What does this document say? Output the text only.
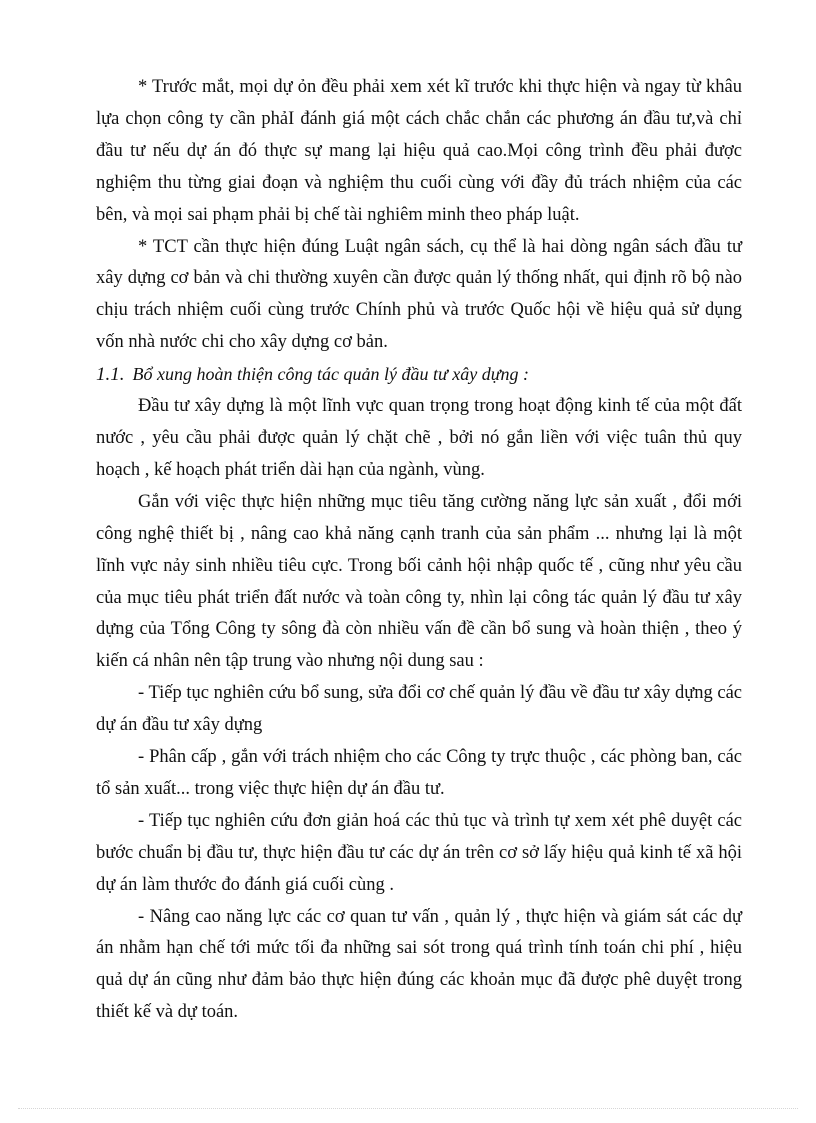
* Trước mắt, mọi dự ỏn đều phải xem xét kĩ trước khi thực hiện và ngay từ khâu lựa chọn công ty cần phảI đánh giá một cách chắc chắn các phương án đầu tư,và chỉ đầu tư nếu dự án đó thực sự mang lại hiệu quả cao.Mọi công trình đều phải được nghiệm thu từng giai đoạn và nghiệm thu cuối cùng với đầy đủ trách nhiệm của các bên, và mọi sai phạm phải bị chế tài nghiêm minh theo pháp luật.

* TCT cần thực hiện đúng Luật ngân sách, cụ thể là hai dòng ngân sách đầu tư xây dựng cơ bản và chi thường xuyên cần được quản lý thống nhất, qui định rõ bộ nào chịu trách nhiệm cuối cùng trước Chính phủ và trước Quốc hội về hiệu quả sử dụng vốn nhà nước chi cho xây dựng cơ bản.

1.1. Bổ xung hoàn thiện công tác quản lý đầu tư xây dựng :

Đầu tư xây dựng là một lĩnh vực quan trọng trong hoạt động kinh tế của một đất nước , yêu cầu phải được quản lý chặt chẽ , bởi nó gắn liền với việc tuân thủ quy hoạch , kế hoạch phát triển dài hạn của ngành, vùng.

Gắn với việc thực hiện những mục tiêu tăng cường năng lực sản xuất , đổi mới công nghệ thiết bị , nâng cao khả năng cạnh tranh của sản phẩm ... nhưng lại là một lĩnh vực nảy sinh nhiều tiêu cực. Trong bối cảnh hội nhập quốc tế , cũng như yêu cầu của mục tiêu phát triển đất nước và toàn công ty, nhìn lại công tác quản lý đầu tư xây dựng của Tổng Công ty sông đà còn nhiều vấn đề cần bổ sung và hoàn thiện , theo ý kiến cá nhân nên tập trung vào nhưng nội dung sau :

- Tiếp tục nghiên cứu bổ sung, sửa đổi cơ chế quản lý đầu về đầu tư xây dựng các dự án đầu tư xây dựng

- Phân cấp , gắn với trách nhiệm cho các Công ty trực thuộc , các phòng ban, các tổ sản xuất... trong việc thực hiện dự án đầu tư.

- Tiếp tục nghiên cứu đơn giản hoá các thủ tục và trình tự xem xét phê duyệt các bước chuẩn bị đầu tư, thực hiện đầu tư các dự án trên cơ sở lấy hiệu quả kinh tế xã hội dự án làm thước đo đánh giá cuối cùng .

- Nâng cao năng lực các cơ quan tư vấn , quản lý , thực hiện và giám sát các dự án nhằm hạn chế tới mức tối đa những sai sót trong quá trình tính toán chi phí , hiệu quả dự án cũng như đảm bảo thực hiện đúng các khoản mục đã được phê duyệt trong thiết kế và dự toán.
